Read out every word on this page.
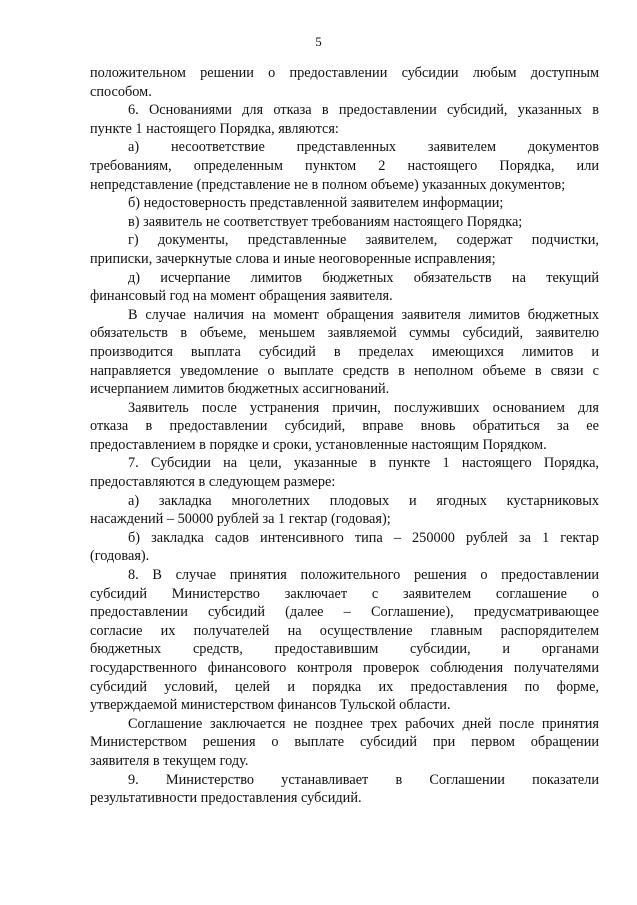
5
положительном решении о предоставлении субсидии любым доступным
способом.
6. Основаниями для отказа в предоставлении субсидий, указанных в
пункте 1 настоящего Порядка, являются:
а) несоответствие представленных заявителем документов
требованиям, определенным пунктом 2 настоящего Порядка, или
непредставление (представление не в полном объеме) указанных документов;
б) недостоверность представленной заявителем информации;
в) заявитель не соответствует требованиям настоящего Порядка;
г) документы, представленные заявителем, содержат подчистки,
приписки, зачеркнутые слова и иные неоговоренные исправления;
д) исчерпание лимитов бюджетных обязательств на текущий
финансовый год на момент обращения заявителя.
В случае наличия на момент обращения заявителя лимитов бюджетных
обязательств в объеме, меньшем заявляемой суммы субсидий, заявителю
производится выплата субсидий в пределах имеющихся лимитов и
направляется уведомление о выплате средств в неполном объеме в связи с
исчерпанием лимитов бюджетных ассигнований.
Заявитель после устранения причин, послуживших основанием для
отказа в предоставлении субсидий, вправе вновь обратиться за ее
предоставлением в порядке и сроки, установленные настоящим Порядком.
7. Субсидии на цели, указанные в пункте 1 настоящего Порядка,
предоставляются в следующем размере:
а) закладка многолетних плодовых и ягодных кустарниковых
насаждений – 50000 рублей за 1 гектар (годовая);
б) закладка садов интенсивного типа – 250000 рублей за 1 гектар
(годовая).
8. В случае принятия положительного решения о предоставлении
субсидий Министерство заключает с заявителем соглашение о
предоставлении субсидий (далее – Соглашение), предусматривающее
согласие их получателей на осуществление главным распорядителем
бюджетных средств, предоставившим субсидии, и органами
государственного финансового контроля проверок соблюдения получателями
субсидий условий, целей и порядка их предоставления по форме,
утверждаемой министерством финансов Тульской области.
Соглашение заключается не позднее трех рабочих дней после принятия
Министерством решения о выплате субсидий при первом обращении
заявителя в текущем году.
9. Министерство устанавливает в Соглашении показатели
результативности предоставления субсидий.
